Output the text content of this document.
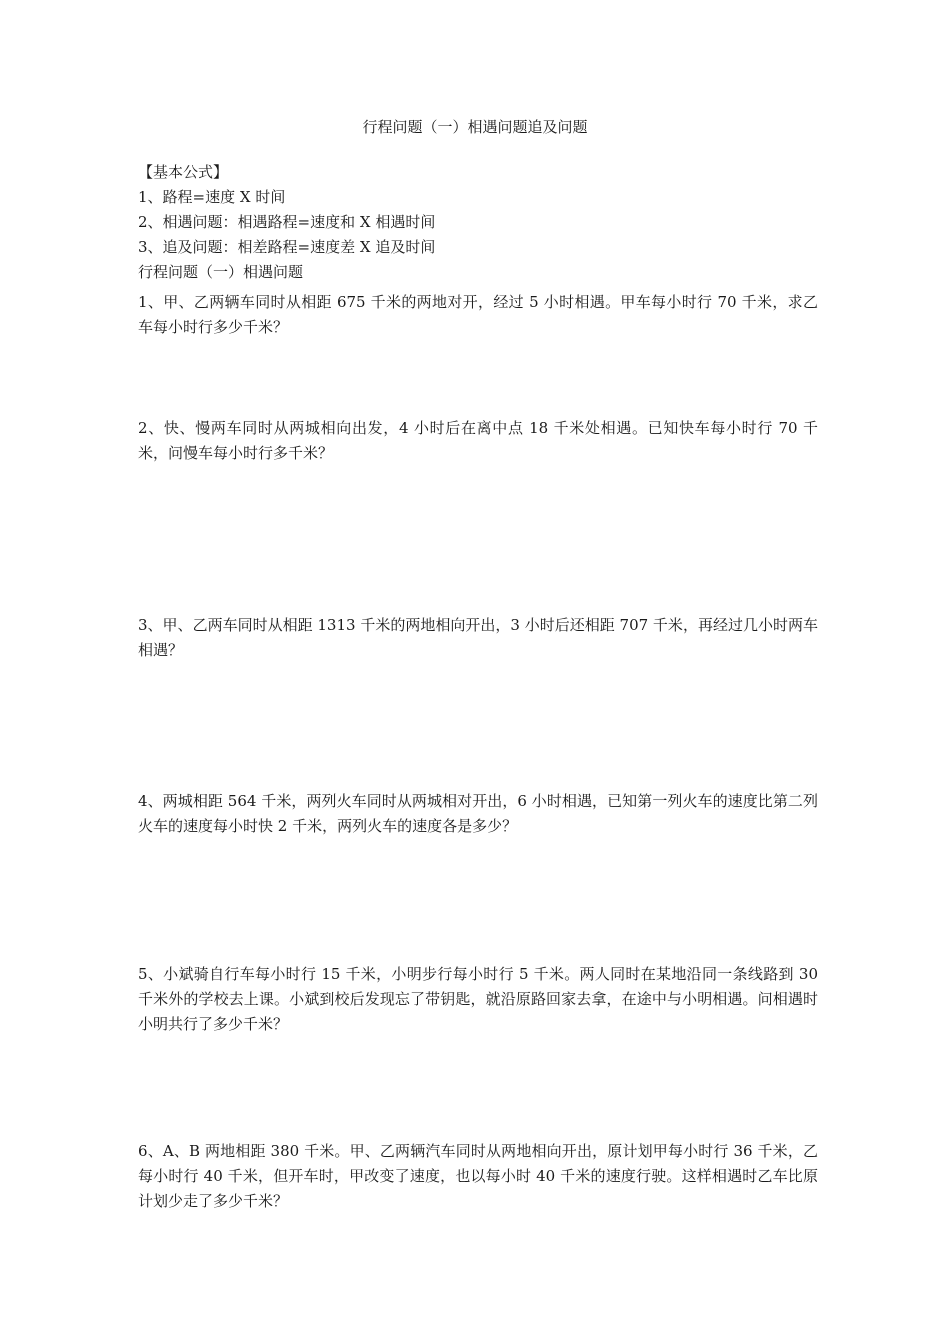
行程问题（一）相遇问题追及问题
【基本公式】
1、路程=速度 X 时间
2、相遇问题：相遇路程=速度和 X 相遇时间
3、追及问题：相差路程=速度差 X 追及时间
行程问题（一）相遇问题
1、甲、乙两辆车同时从相距 675 千米的两地对开，经过 5 小时相遇。甲车每小时行 70 千米，求乙车每小时行多少千米？
2、快、慢两车同时从两城相向出发，4 小时后在离中点 18 千米处相遇。已知快车每小时行 70 千米，问慢车每小时行多千米？
3、甲、乙两车同时从相距 1313 千米的两地相向开出，3 小时后还相距 707 千米，再经过几小时两车相遇？
4、两城相距 564 千米，两列火车同时从两城相对开出，6 小时相遇，已知第一列火车的速度比第二列火车的速度每小时快 2 千米，两列火车的速度各是多少？
5、小斌骑自行车每小时行 15 千米，小明步行每小时行 5 千米。两人同时在某地沿同一条线路到 30 千米外的学校去上课。小斌到校后发现忘了带钥匙，就沿原路回家去拿，在途中与小明相遇。问相遇时小明共行了多少千米？
6、A、B 两地相距 380 千米。甲、乙两辆汽车同时从两地相向开出，原计划甲每小时行 36 千米，乙每小时行 40 千米，但开车时，甲改变了速度，也以每小时 40 千米的速度行驶。这样相遇时乙车比原计划少走了多少千米？
